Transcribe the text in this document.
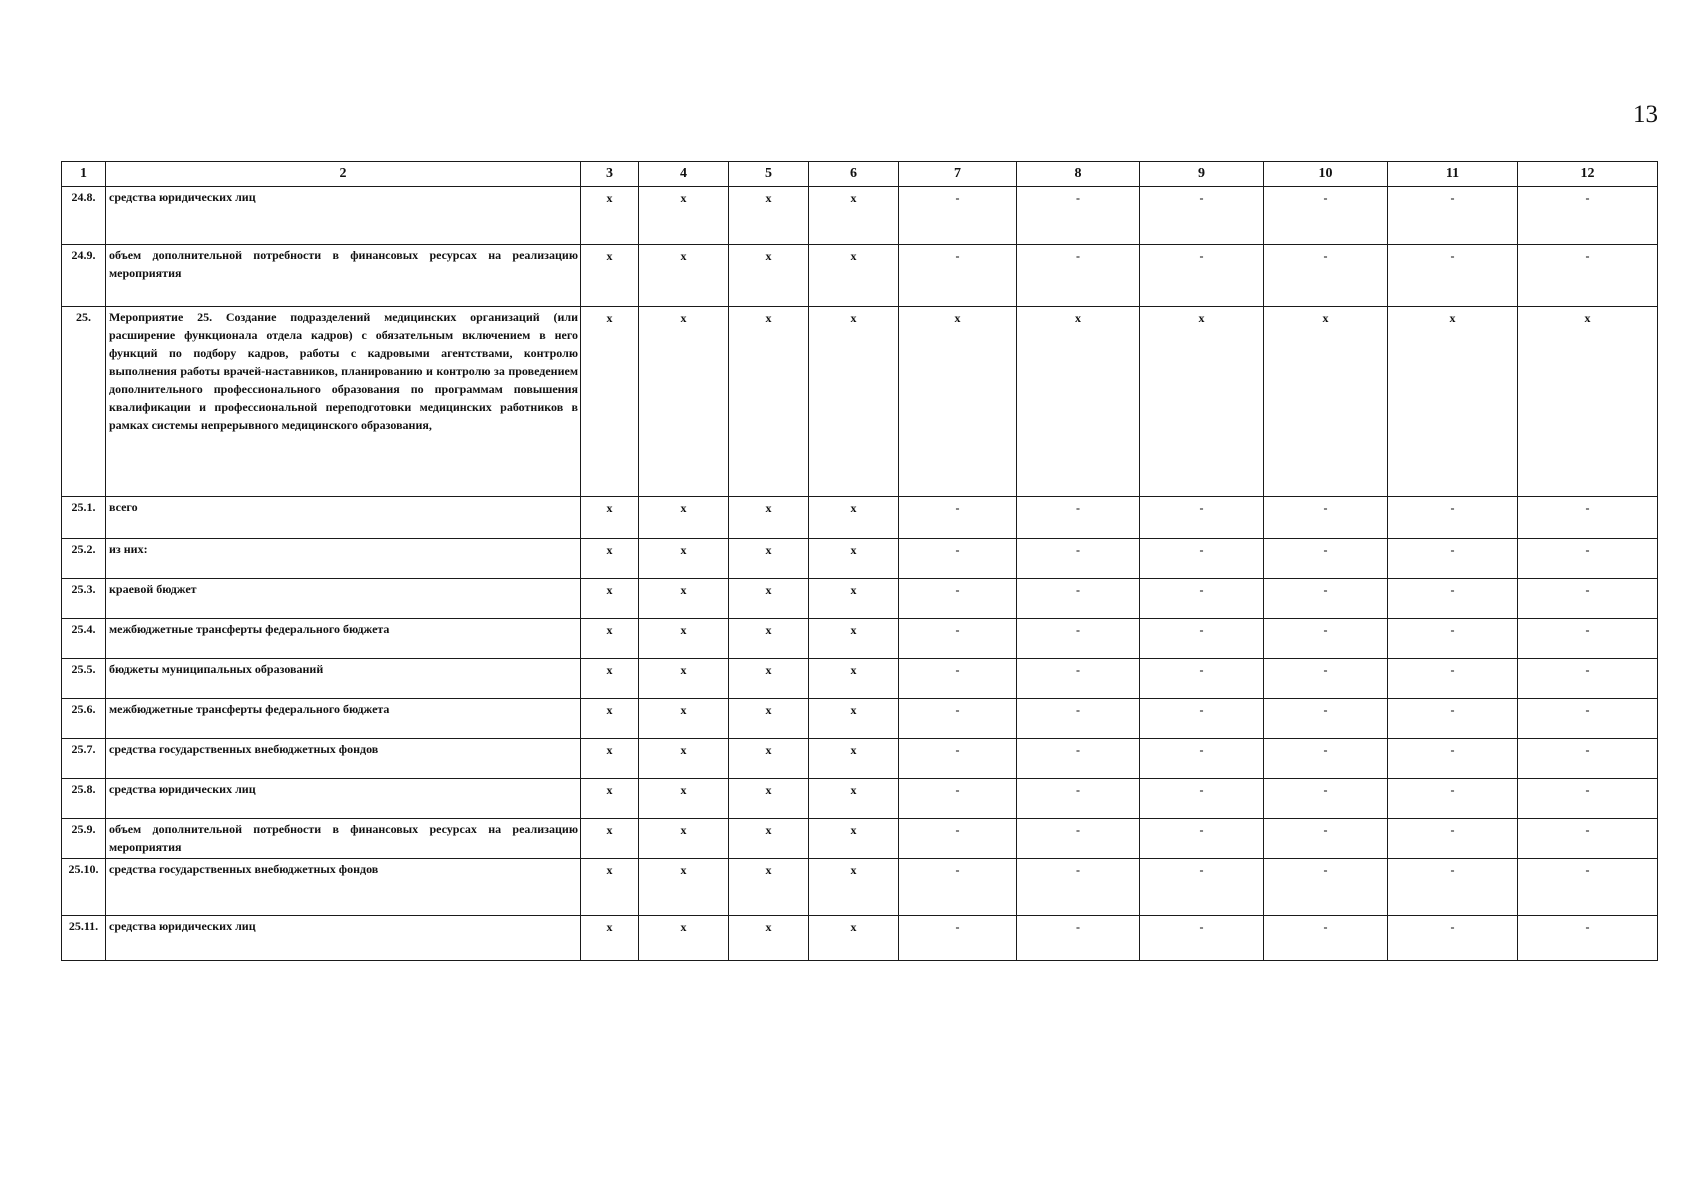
13
1	2	3	4	5	6	7	8	9	10	11	12
24.8.	средства юридических лиц	x	x	x	x	-	-	-	-	-	-
24.9.	объем дополнительной потребности в финансовых ресурсах на реализацию мероприятия	x	x	x	x	-	-	-	-	-	-
25.	Мероприятие 25. Создание подразделений медицинских организаций (или расширение функционала отдела кадров) с обязательным включением в него функций по подбору кадров, работы с кадровыми агентствами, контролю выполнения работы врачей-наставников, планированию и контролю за проведением дополнительного профессионального образования по программам повышения квалификации и профессиональной переподготовки медицинских работников в рамках системы непрерывного медицинского образования,	x	x	x	x	x	x	x	x	x	x
25.1.	всего	x	x	x	x	-	-	-	-	-	-
25.2.	из них:	x	x	x	x	-	-	-	-	-	-
25.3.	краевой бюджет	x	x	x	x	-	-	-	-	-	-
25.4.	межбюджетные трансферты федерального бюджета	x	x	x	x	-	-	-	-	-	-
25.5.	бюджеты муниципальных образований	x	x	x	x	-	-	-	-	-	-
25.6.	межбюджетные трансферты федерального бюджета	x	x	x	x	-	-	-	-	-	-
25.7.	средства государственных внебюджетных фондов	x	x	x	x	-	-	-	-	-	-
25.8.	средства юридических лиц	x	x	x	x	-	-	-	-	-	-
25.9.	объем дополнительной потребности в финансовых ресурсах на реализацию мероприятия	x	x	x	x	-	-	-	-	-	-
25.10.	средства государственных внебюджетных фондов	x	x	x	x	-	-	-	-	-	-
25.11.	средства юридических лиц	x	x	x	x	-	-	-	-	-	-
